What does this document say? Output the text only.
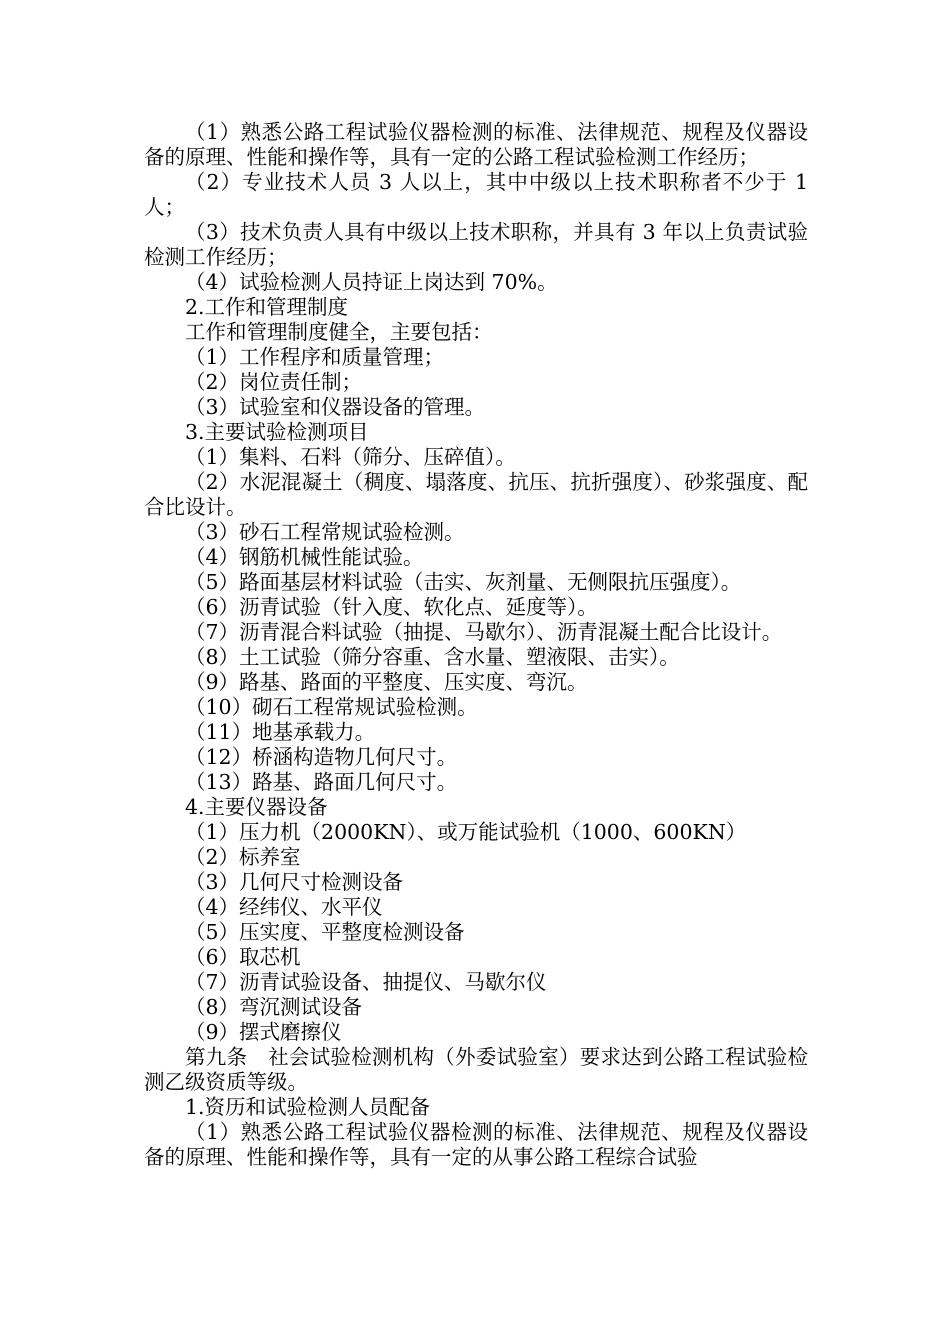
（1）熟悉公路工程试验仪器检测的标准、法律规范、规程及仪器设备的原理、性能和操作等，具有一定的公路工程试验检测工作经历；

（2）专业技术人员 3 人以上，其中中级以上技术职称者不少于 1 人；

（3）技术负责人具有中级以上技术职称，并具有 3 年以上负责试验检测工作经历；

（4）试验检测人员持证上岗达到 70%。

2.工作和管理制度

工作和管理制度健全，主要包括：

（1）工作程序和质量管理；

（2）岗位责任制；

（3）试验室和仪器设备的管理。

3.主要试验检测项目

（1）集料、石料（筛分、压碎值）。

（2）水泥混凝土（稠度、塌落度、抗压、抗折强度）、砂浆强度、配合比设计。

（3）砂石工程常规试验检测。

（4）钢筋机械性能试验。

（5）路面基层材料试验（击实、灰剂量、无侧限抗压强度）。

（6）沥青试验（针入度、软化点、延度等）。

（7）沥青混合料试验（抽提、马歇尔）、沥青混凝土配合比设计。

（8）土工试验（筛分容重、含水量、塑液限、击实）。

（9）路基、路面的平整度、压实度、弯沉。

（10）砌石工程常规试验检测。

（11）地基承载力。

（12）桥涵构造物几何尺寸。

（13）路基、路面几何尺寸。

4.主要仪器设备

（1）压力机（2000KN）、或万能试验机（1000、600KN）

（2）标养室

（3）几何尺寸检测设备

（4）经纬仪、水平仪

（5）压实度、平整度检测设备

（6）取芯机

（7）沥青试验设备、抽提仪、马歇尔仪

（8）弯沉测试设备

（9）摆式磨擦仪

第九条　社会试验检测机构（外委试验室）要求达到公路工程试验检测乙级资质等级。

1.资历和试验检测人员配备

（1）熟悉公路工程试验仪器检测的标准、法律规范、规程及仪器设备的原理、性能和操作等，具有一定的从事公路工程综合试验
